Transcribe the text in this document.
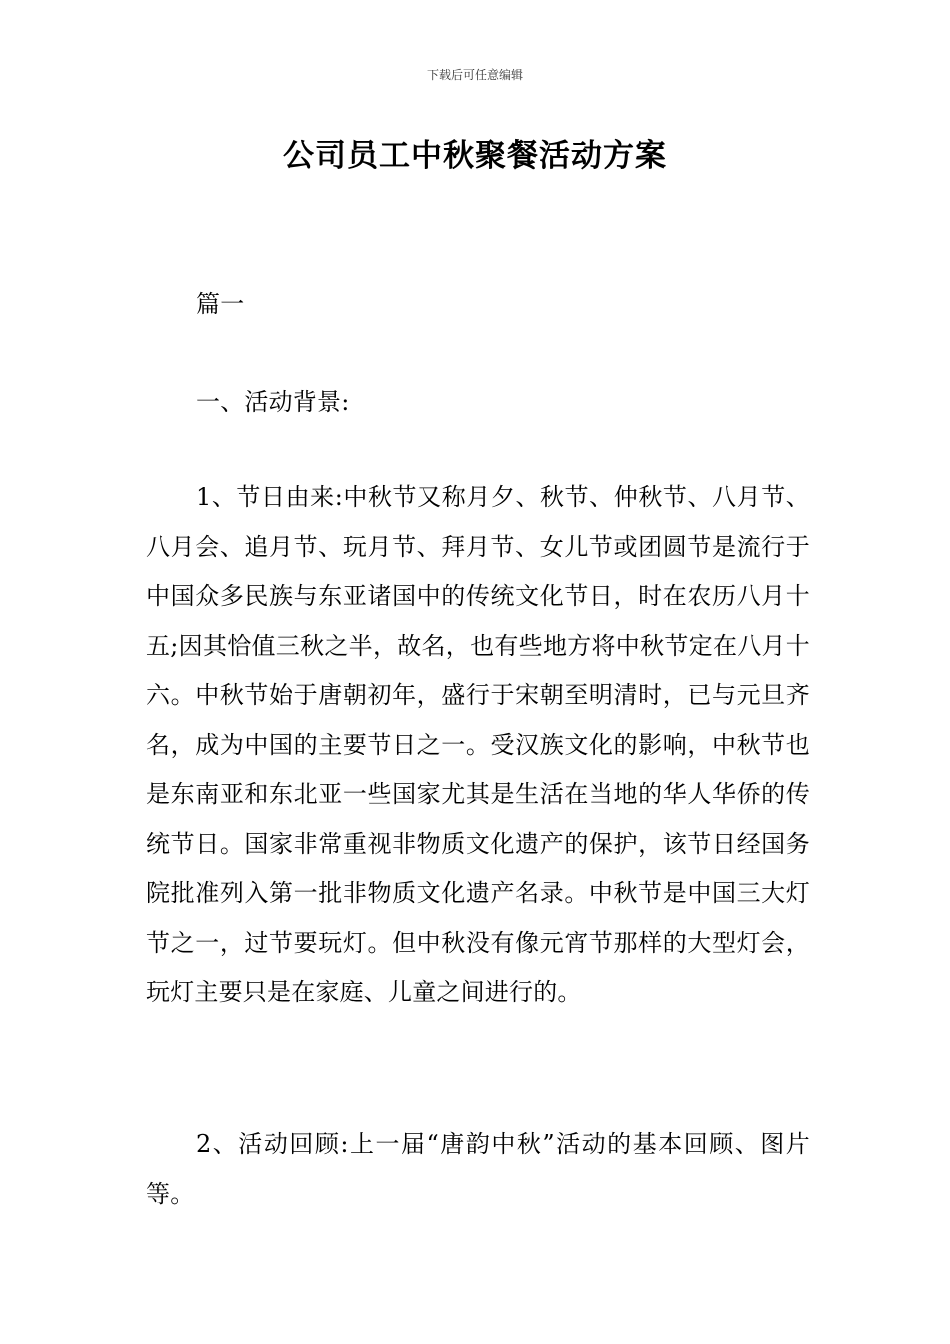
下载后可任意编辑
公司员工中秋聚餐活动方案

篇一

一、活动背景:

1、节日由来:中秋节又称月夕、秋节、仲秋节、八月节、八月会、追月节、玩月节、拜月节、女儿节或团圆节是流行于中国众多民族与东亚诸国中的传统文化节日，时在农历八月十五;因其恰值三秋之半，故名，也有些地方将中秋节定在八月十六。中秋节始于唐朝初年，盛行于宋朝至明清时，已与元旦齐名，成为中国的主要节日之一。受汉族文化的影响，中秋节也是东南亚和东北亚一些国家尤其是生活在当地的华人华侨的传统节日。国家非常重视非物质文化遗产的保护，该节日经国务院批准列入第一批非物质文化遗产名录。中秋节是中国三大灯节之一，过节要玩灯。但中秋没有像元宵节那样的大型灯会，玩灯主要只是在家庭、儿童之间进行的。

2、活动回顾:上一届“唐韵中秋”活动的基本回顾、图片等。
